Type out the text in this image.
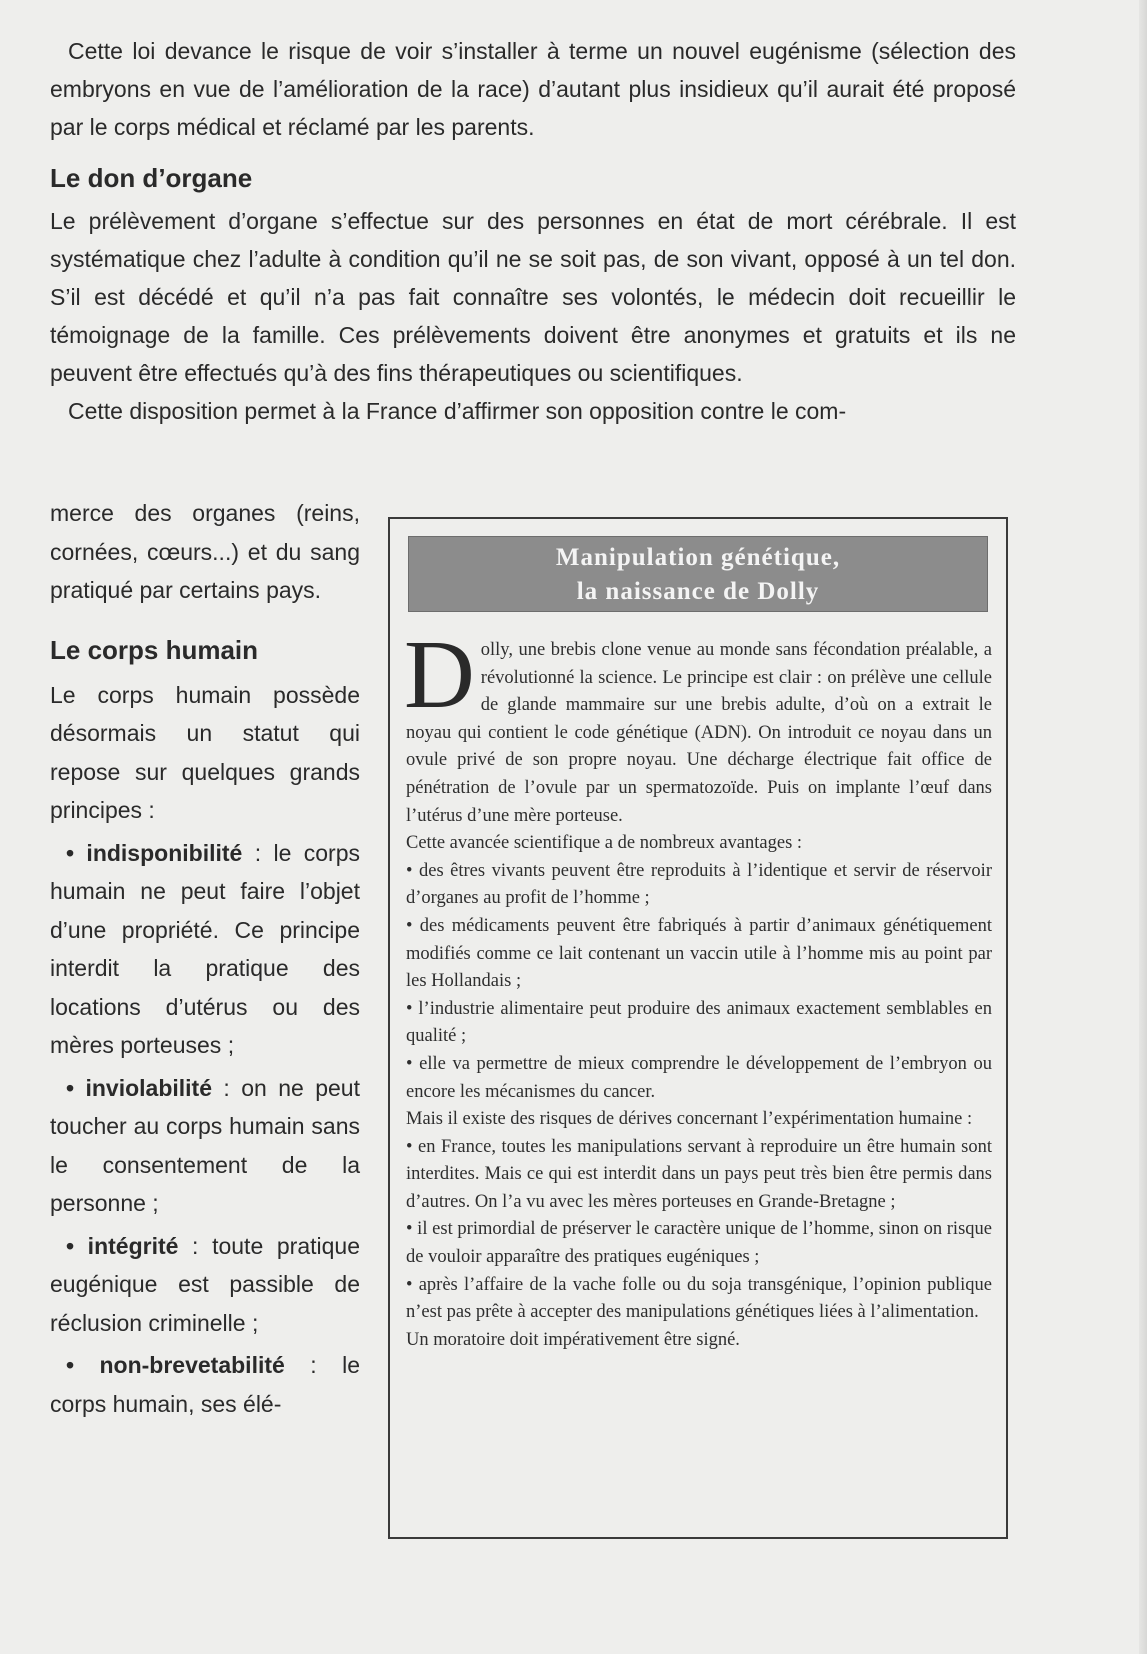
Cette loi devance le risque de voir s’installer à terme un nouvel eugénisme (sélection des embryons en vue de l’amélioration de la race) d’autant plus insidieux qu’il aurait été proposé par le corps médical et réclamé par les parents.

Le don d’organe

Le prélèvement d’organe s’effectue sur des personnes en état de mort cérébrale. Il est systématique chez l’adulte à condition qu’il ne se soit pas, de son vivant, opposé à un tel don. S’il est décédé et qu’il n’a pas fait connaître ses volontés, le médecin doit recueillir le témoignage de la famille. Ces prélèvements doivent être anonymes et gratuits et ils ne peuvent être effectués qu’à des fins thérapeutiques ou scientifiques.

Cette disposition permet à la France d’affirmer son opposition contre le com-

merce des organes (reins, cornées, cœurs...) et du sang pratiqué par certains pays.

Le corps humain

Le corps humain possède désormais un statut qui repose sur quelques grands principes :

• indisponibilité : le corps humain ne peut faire l’objet d’une propriété. Ce principe interdit la pratique des locations d’utérus ou des mères porteuses ;

• inviolabilité : on ne peut toucher au corps humain sans le consentement de la personne ;

• intégrité : toute pratique eugénique est passible de réclusion criminelle ;

• non-brevetabilité : le corps humain, ses élé-

Manipulation génétique,
la naissance de Dolly

Dolly, une brebis clone venue au monde sans fécondation préalable, a révolutionné la science. Le principe est clair : on prélève une cellule de glande mammaire sur une brebis adulte, d’où on a extrait le noyau qui contient le code génétique (ADN). On introduit ce noyau dans un ovule privé de son propre noyau. Une décharge électrique fait office de pénétration de l’ovule par un spermatozoïde. Puis on implante l’œuf dans l’utérus d’une mère porteuse.

Cette avancée scientifique a de nombreux avantages :

• des êtres vivants peuvent être reproduits à l’identique et servir de réservoir d’organes au profit de l’homme ;

• des médicaments peuvent être fabriqués à partir d’animaux génétiquement modifiés comme ce lait contenant un vaccin utile à l’homme mis au point par les Hollandais ;

• l’industrie alimentaire peut produire des animaux exactement semblables en qualité ;

• elle va permettre de mieux comprendre le développement de l’embryon ou encore les mécanismes du cancer.

Mais il existe des risques de dérives concernant l’expérimentation humaine :

• en France, toutes les manipulations servant à reproduire un être humain sont interdites. Mais ce qui est interdit dans un pays peut très bien être permis dans d’autres. On l’a vu avec les mères porteuses en Grande-Bretagne ;

• il est primordial de préserver le caractère unique de l’homme, sinon on risque de vouloir apparaître des pratiques eugéniques ;

• après l’affaire de la vache folle ou du soja transgénique, l’opinion publique n’est pas prête à accepter des manipulations génétiques liées à l’alimentation.

Un moratoire doit impérativement être signé.
